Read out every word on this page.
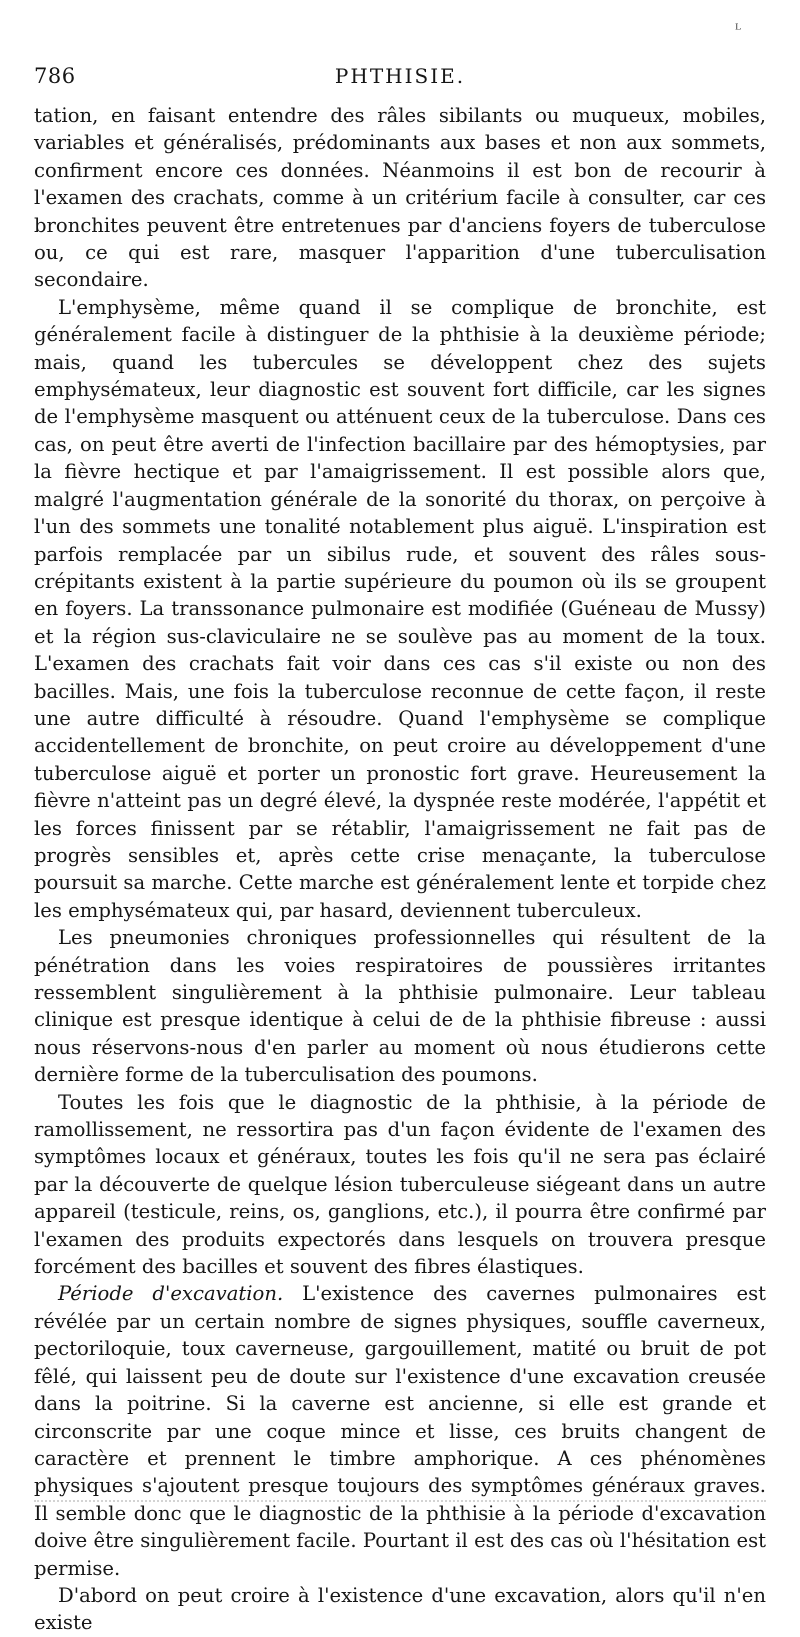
ᴸ
786	PHTHISIE.

tation, en faisant entendre des râles sibilants ou muqueux, mobiles, variables et généralisés, prédominants aux bases et non aux sommets, confirment encore ces données. Néanmoins il est bon de recourir à l'examen des crachats, comme à un critérium facile à consulter, car ces bronchites peuvent être entretenues par d'anciens foyers de tuberculose ou, ce qui est rare, masquer l'apparition d'une tuberculisation secondaire.

L'emphysème, même quand il se complique de bronchite, est généralement facile à distinguer de la phthisie à la deuxième période; mais, quand les tubercules se développent chez des sujets emphysémateux, leur diagnostic est souvent fort difficile, car les signes de l'emphysème masquent ou atténuent ceux de la tuberculose. Dans ces cas, on peut être averti de l'infection bacillaire par des hémoptysies, par la fièvre hectique et par l'amaigrissement. Il est possible alors que, malgré l'augmentation générale de la sonorité du thorax, on perçoive à l'un des sommets une tonalité notablement plus aiguë. L'inspiration est parfois remplacée par un sibilus rude, et souvent des râles sous-crépitants existent à la partie supérieure du poumon où ils se groupent en foyers. La transsonance pulmonaire est modifiée (Guéneau de Mussy) et la région sus-claviculaire ne se soulève pas au moment de la toux. L'examen des crachats fait voir dans ces cas s'il existe ou non des bacilles. Mais, une fois la tuberculose reconnue de cette façon, il reste une autre difficulté à résoudre. Quand l'emphysème se complique accidentellement de bronchite, on peut croire au développement d'une tuberculose aiguë et porter un pronostic fort grave. Heureusement la fièvre n'atteint pas un degré élevé, la dyspnée reste modérée, l'appétit et les forces finissent par se rétablir, l'amaigrissement ne fait pas de progrès sensibles et, après cette crise menaçante, la tuberculose poursuit sa marche. Cette marche est généralement lente et torpide chez les emphysémateux qui, par hasard, deviennent tuberculeux.

Les pneumonies chroniques professionnelles qui résultent de la pénétration dans les voies respiratoires de poussières irritantes ressemblent singulièrement à la phthisie pulmonaire. Leur tableau clinique est presque identique à celui de de la phthisie fibreuse : aussi nous réservons-nous d'en parler au moment où nous étudierons cette dernière forme de la tuberculisation des poumons.

Toutes les fois que le diagnostic de la phthisie, à la période de ramollissement, ne ressortira pas d'un façon évidente de l'examen des symptômes locaux et généraux, toutes les fois qu'il ne sera pas éclairé par la découverte de quelque lésion tuberculeuse siégeant dans un autre appareil (testicule, reins, os, ganglions, etc.), il pourra être confirmé par l'examen des produits expectorés dans lesquels on trouvera presque forcément des bacilles et souvent des fibres élastiques.

Période d'excavation. L'existence des cavernes pulmonaires est révélée par un certain nombre de signes physiques, souffle caverneux, pectoriloquie, toux caverneuse, gargouillement, matité ou bruit de pot fêlé, qui laissent peu de doute sur l'existence d'une excavation creusée dans la poitrine. Si la caverne est ancienne, si elle est grande et circonscrite par une coque mince et lisse, ces bruits changent de caractère et prennent le timbre amphorique. A ces phénomènes physiques s'ajoutent presque toujours des symptômes généraux graves. Il semble donc que le diagnostic de la phthisie à la période d'excavation doive être singulièrement facile. Pourtant il est des cas où l'hésitation est permise.

D'abord on peut croire à l'existence d'une excavation, alors qu'il n'en existe
